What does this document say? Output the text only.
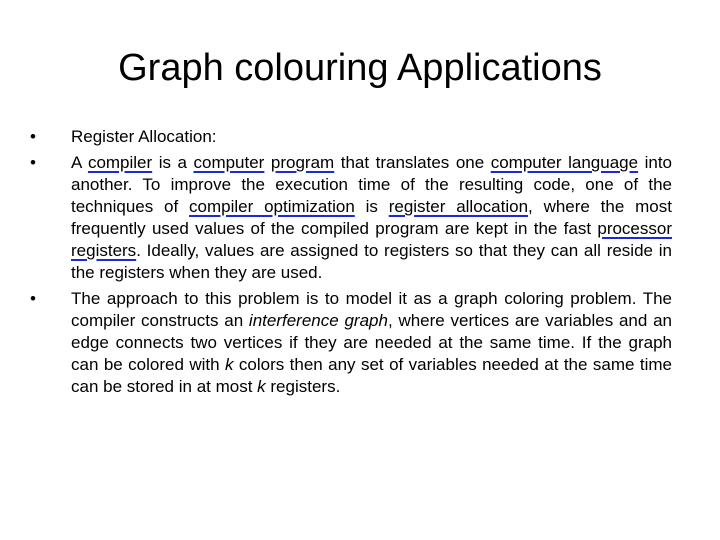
Graph colouring Applications
•	Register Allocation:
•	A compiler is a computer program that translates one computer language into another. To improve the execution time of the resulting code, one of the techniques of compiler optimization is register allocation, where the most frequently used values of the compiled program are kept in the fast processor registers. Ideally, values are assigned to registers so that they can all reside in the registers when they are used.
•	The approach to this problem is to model it as a graph coloring problem. The compiler constructs an interference graph, where vertices are variables and an edge connects two vertices if they are needed at the same time. If the graph can be colored with k colors then any set of variables needed at the same time can be stored in at most k registers.
